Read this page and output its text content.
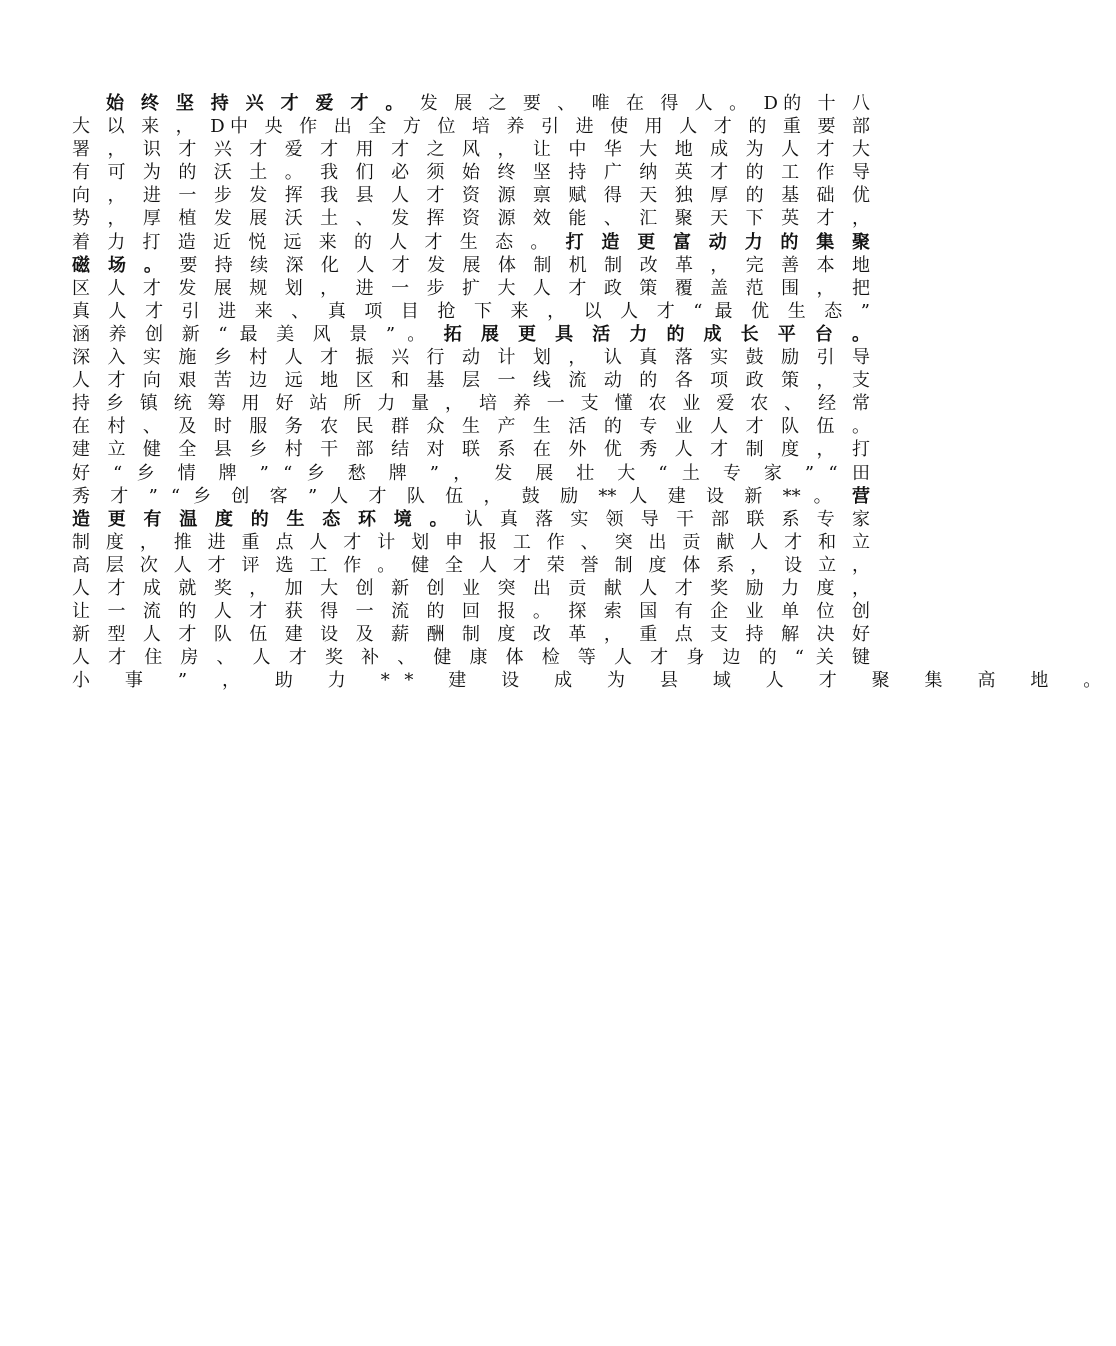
始 终 坚 持 兴 才 爱 才 。 发 展 之 要 、 唯 在 得 人 。 D的 十 八
大 以 来 ， D中 央 作 出 全 方 位 培 养 引 进 使 用 人 才 的 重 要 部
署 ， 识 才 兴 才 爱 才 用 才 之 风 ， 让 中 华 大 地 成 为 人 才 大
有 可 为 的 沃 土 。 我 们 必 须 始 终 坚 持 广 纳 英 才 的 工 作 导
向 ， 进 一 步 发 挥 我 县 人 才 资 源 禀 赋 得 天 独 厚 的 基 础 优
势 ， 厚 植 发 展 沃 土 、 发 挥 资 源 效 能 、 汇 聚 天 下 英 才 ，
着 力 打 造 近 悦 远 来 的 人 才 生 态 。 打 造 更 富 动 力 的 集 聚
磁 场 。 要 持 续 深 化 人 才 发 展 体 制 机 制 改 革 ， 完 善 本 地
区 人 才 发 展 规 划 ， 进 一 步 扩 大 人 才 政 策 覆 盖 范 围 ， 把
真 人 才 引 进 来 、 真 项 目 抢 下 来 ， 以 人 才 “ 最 优 生 态 ”
涵 养 创 新 “ 最 美 风 景 ” 。 拓 展 更 具 活 力 的 成 长 平 台 。
深 入 实 施 乡 村 人 才 振 兴 行 动 计 划 ， 认 真 落 实 鼓 励 引 导
人 才 向 艰 苦 边 远 地 区 和 基 层 一 线 流 动 的 各 项 政 策 ， 支
持 乡 镇 统 筹 用 好 站 所 力 量 ， 培 养 一 支 懂 农 业 爱 农 、 经 常
在 村 、 及 时 服 务 农 民 群 众 生 产 生 活 的 专 业 人 才 队 伍 。
建 立 健 全 县 乡 村 干 部 结 对 联 系 在 外 优 秀 人 才 制 度 ， 打
好 “ 乡 情 牌 ” “ 乡 愁 牌 ” ， 发 展 壮 大 “ 土 专 家 ” “ 田
秀 才 ” “ 乡 创 客 ” 人 才 队 伍 ， 鼓 励 ** 人 建 设 新 ** 。 营
造 更 有 温 度 的 生 态 环 境 。 认 真 落 实 领 导 干 部 联 系 专 家
制 度 ， 推 进 重 点 人 才 计 划 申 报 工 作 、 突 出 贡 献 人 才 和 立
高 层 次 人 才 评 选 工 作 。 健 全 人 才 荣 誉 制 度 体 系 ， 设 立 ，
人 才 成 就 奖 ， 加 大 创 新 创 业 突 出 贡 献 人 才 奖 励 力 度 ，
让 一 流 的 人 才 获 得 一 流 的 回 报 。 探 索 国 有 企 业 单 位 创
新 型 人 才 队 伍 建 设 及 薪 酬 制 度 改 革 ， 重 点 支 持 解 决 好
人 才 住 房 、 人 才 奖 补 、 健 康 体 检 等 人 才 身 边 的 “ 关 键
小 事 ” ， 助 力 ** 建 设 成 为 县 域 人 才 聚 集 高 地 。
